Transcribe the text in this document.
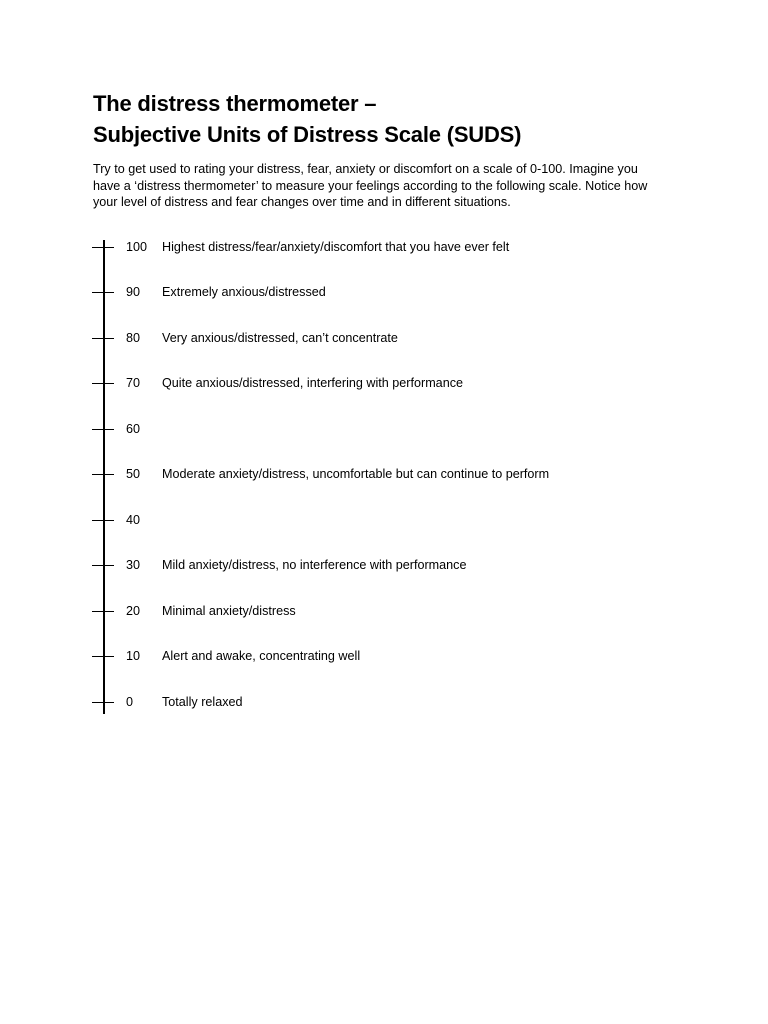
The distress thermometer –
Subjective Units of Distress Scale (SUDS)
Try to get used to rating your distress, fear, anxiety or discomfort on a scale of 0-100. Imagine you
have a ‘distress thermometer’ to measure your feelings according to the following scale. Notice how
your level of distress and fear changes over time and in different situations.
100 Highest distress/fear/anxiety/discomfort that you have ever felt
90 Extremely anxious/distressed
80 Very anxious/distressed, can’t concentrate
70 Quite anxious/distressed, interfering with performance
60
50 Moderate anxiety/distress, uncomfortable but can continue to perform
40
30 Mild anxiety/distress, no interference with performance
20 Minimal anxiety/distress
10 Alert and awake, concentrating well
0 Totally relaxed
